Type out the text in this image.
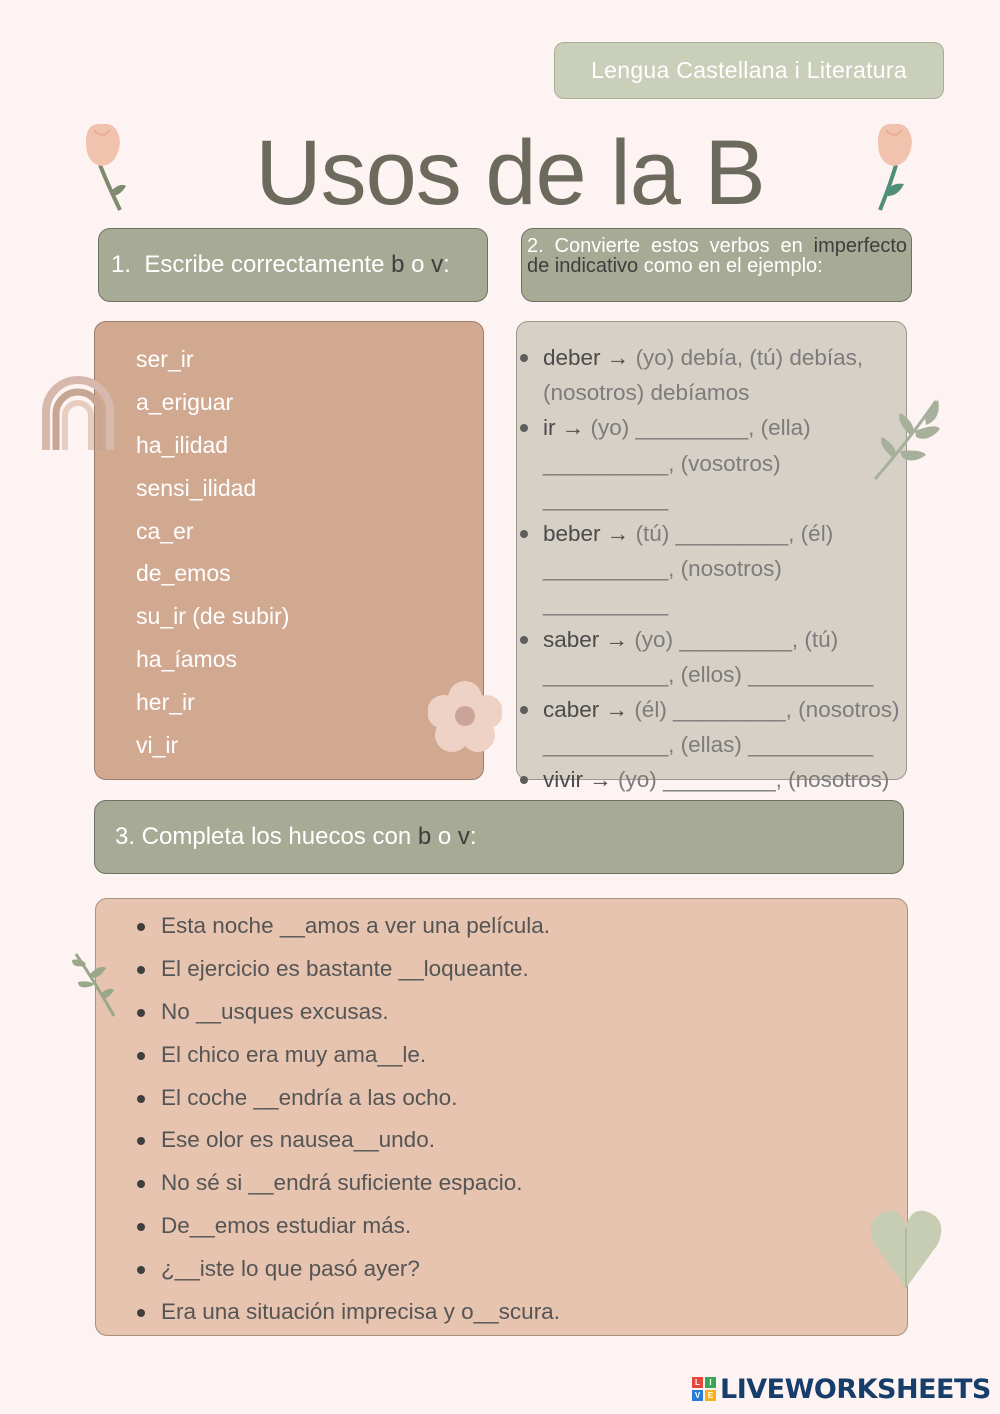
Lengua Castellana i Literatura
Usos de la B
1.  Escribe correctamente b o v :
2. Convierte estos verbos en imperfecto de indicativo como en el ejemplo:
ser_ir
a_eriguar
ha_ilidad
sensi_ilidad
ca_er
de_emos
su_ir (de subir)
ha_íamos
her_ir
vi_ir
deber → (yo) debía, (tú) debías, (nosotros) debíamos
ir → (yo) _________, (ella) __________, (vosotros) __________
beber → (tú) _________, (él) __________, (nosotros) __________
saber → (yo) _________, (tú) __________, (ellos) __________
caber → (él) _________, (nosotros) __________, (ellas) __________
vivir → (yo) _________, (nosotros)
3. Completa los huecos con b o v :
Esta noche __amos a ver una película.
El ejercicio es bastante __loqueante.
No __usques excusas.
El chico era muy ama__le.
El coche __endría a las ocho.
Ese olor es nausea__undo.
No sé si __endrá suficiente espacio.
De__emos estudiar más.
¿__iste lo que pasó ayer?
Era una situación imprecisa y o__scura.
L	I
V E LIVEWORKSHEETS
